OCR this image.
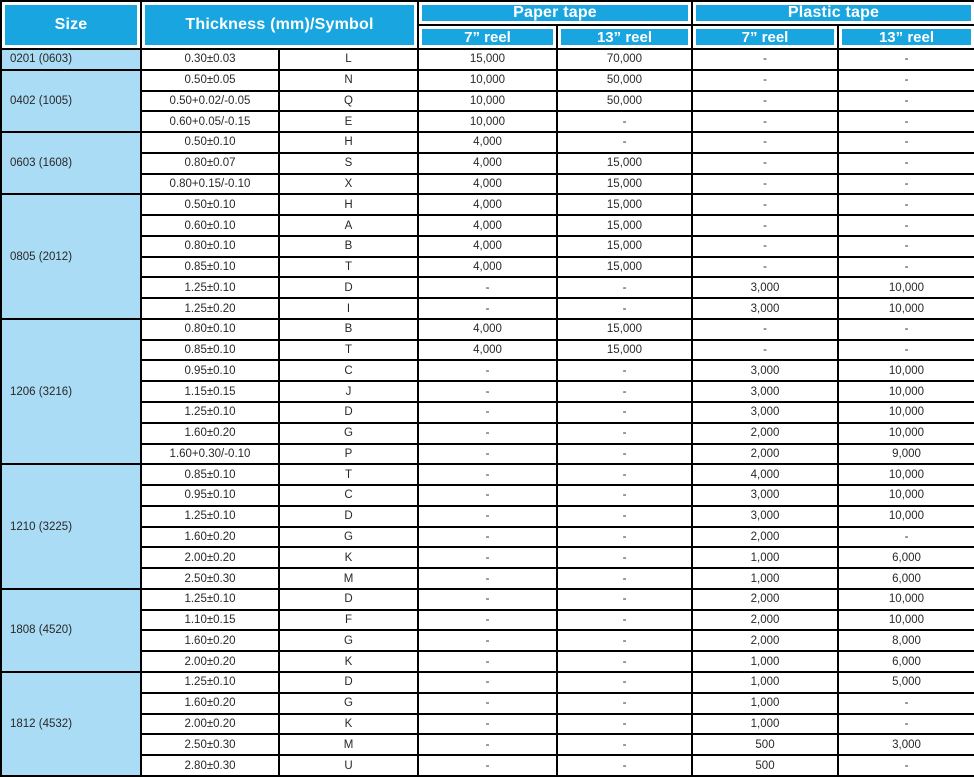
Size	Thickness (mm)/Symbol		Paper tape		Plastic tape	
			7” reel	13” reel	7” reel	13” reel
0201 (0603)	0.30±0.03	L	15,000	70,000	-	-
0402 (1005)	0.50±0.05	N	10,000	50,000	-	-
	0.50+0.02/-0.05	Q	10,000	50,000	-	-
	0.60+0.05/-0.15	E	10,000	-	-	-
0603 (1608)	0.50±0.10	H	4,000	-	-	-
	0.80±0.07	S	4,000	15,000	-	-
	0.80+0.15/-0.10	X	4,000	15,000	-	-
0805 (2012)	0.50±0.10	H	4,000	15,000	-	-
	0.60±0.10	A	4,000	15,000	-	-
	0.80±0.10	B	4,000	15,000	-	-
	0.85±0.10	T	4,000	15,000	-	-
	1.25±0.10	D	-	-	3,000	10,000
	1.25±0.20	I	-	-	3,000	10,000
1206 (3216)	0.80±0.10	B	4,000	15,000	-	-
	0.85±0.10	T	4,000	15,000	-	-
	0.95±0.10	C	-	-	3,000	10,000
	1.15±0.15	J	-	-	3,000	10,000
	1.25±0.10	D	-	-	3,000	10,000
	1.60±0.20	G	-	-	2,000	10,000
	1.60+0.30/-0.10	P	-	-	2,000	9,000
1210 (3225)	0.85±0.10	T	-	-	4,000	10,000
	0.95±0.10	C	-	-	3,000	10,000
	1.25±0.10	D	-	-	3,000	10,000
	1.60±0.20	G	-	-	2,000	-
	2.00±0.20	K	-	-	1,000	6,000
	2.50±0.30	M	-	-	1,000	6,000
1808 (4520)	1.25±0.10	D	-	-	2,000	10,000
	1.10±0.15	F	-	-	2,000	10,000
	1.60±0.20	G	-	-	2,000	8,000
	2.00±0.20	K	-	-	1,000	6,000
1812 (4532)	1.25±0.10	D	-	-	1,000	5,000
	1.60±0.20	G	-	-	1,000	-
	2.00±0.20	K	-	-	1,000	-
	2.50±0.30	M	-	-	500	3,000
	2.80±0.30	U	-	-	500	-
